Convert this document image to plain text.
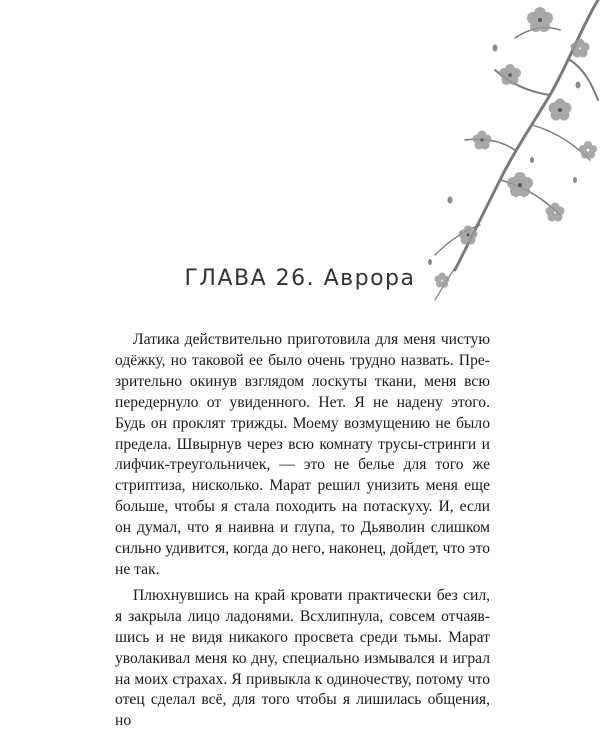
ГЛАВА 26. Аврора

Латика действительно приготовила для меня чистую одёжку, но таковой ее было очень трудно назвать. Презрительно окинув взглядом лоскуты ткани, меня всю передернуло от увиденного. Нет. Я не надену этого. Будь он проклят трижды. Моему возмущению не было предела. Швырнув через всю комнату трусы-стринги и лифчик-треугольничек, — это не белье для того же стриптиза, нисколько. Марат решил унизить меня еще больше, чтобы я стала походить на потаскуху. И, если он думал, что я наивна и глупа, то Дьяволин слишком сильно удивится, когда до него, наконец, дойдет, что это не так.

Плюхнувшись на край кровати практически без сил, я закрыла лицо ладонями. Всхлипнула, совсем отчаявшись и не видя никакого просвета среди тьмы. Марат уволакивал меня ко дну, специально измывался и играл на моих страхах. Я привыкла к одиночеству, потому что отец сделал всё, для того чтобы я лишилась общения, но
